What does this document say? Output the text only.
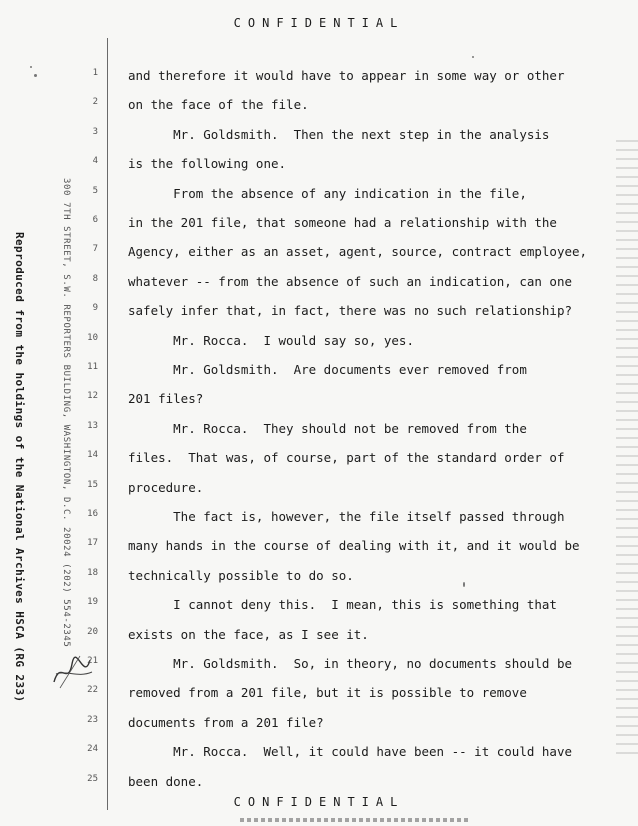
CONFIDENTIAL
Reproduced from the holdings of the National Archives HSCA (RG 233)	300 7TH STREET, S.W. REPORTERS BUILDING, WASHINGTON, D.C. 20024 (202) 554-2345
1
2
3
4
5
6
7
8
9
10
11
12
13
14
15
16
17
18
19
20
21
22
23
24
25
and therefore it would have to appear in some way or other
on the face of the file.
Mr. Goldsmith.  Then the next step in the analysis
is the following one.
From the absence of any indication in the file,
in the 201 file, that someone had a relationship with the
Agency, either as an asset, agent, source, contract employee,
whatever -- from the absence of such an indication, can one
safely infer that, in fact, there was no such relationship?
Mr. Rocca.  I would say so, yes.
Mr. Goldsmith.  Are documents ever removed from
201 files?
Mr. Rocca.  They should not be removed from the
files.  That was, of course, part of the standard order of
procedure.
The fact is, however, the file itself passed through
many hands in the course of dealing with it, and it would be
technically possible to do so.
I cannot deny this.  I mean, this is something that
exists on the face, as I see it.
Mr. Goldsmith.  So, in theory, no documents should be
removed from a 201 file, but it is possible to remove
documents from a 201 file?
Mr. Rocca.  Well, it could have been -- it could have
been done.
CONFIDENTIAL
